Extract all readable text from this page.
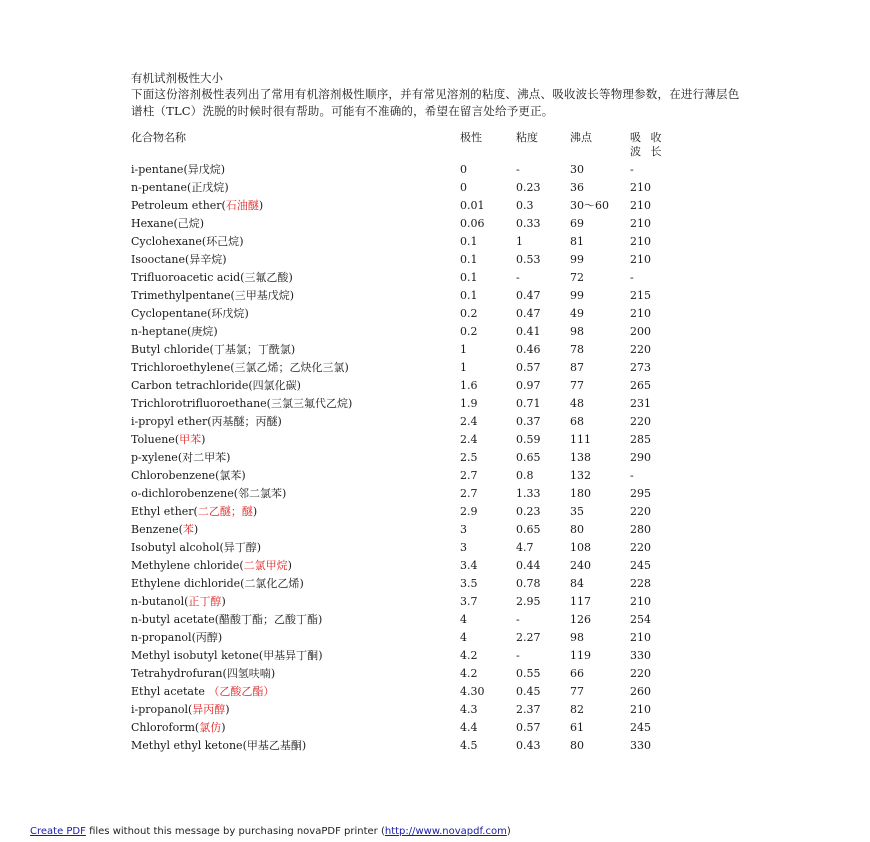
有机试剂极性大小

下面这份溶剂极性表列出了常用有机溶剂极性顺序，并有常见溶剂的粘度、沸点、吸收波长等物理参数，在进行薄层色谱柱（TLC）洗脱的时候时很有帮助。可能有不准确的，希望在留言处给予更正。

化合物名称	极性	粘度	沸点	吸 收 波 长
i-pentane(异戊烷)	0	-	30	-
n-pentane(正戊烷)	0	0.23	36	210
Petroleum ether(石油醚)	0.01	0.3	30～60	210
Hexane(己烷)	0.06	0.33	69	210
Cyclohexane(环己烷)	0.1	1	81	210
Isooctane(异辛烷)	0.1	0.53	99	210
Trifluoroacetic acid(三氟乙酸)	0.1	-	72	-
Trimethylpentane(三甲基戊烷)	0.1	0.47	99	215
Cyclopentane(环戊烷)	0.2	0.47	49	210
n-heptane(庚烷)	0.2	0.41	98	200
Butyl chloride(丁基氯；丁酰氯)	1	0.46	78	220
Trichloroethylene(三氯乙烯；乙炔化三氯)	1	0.57	87	273
Carbon tetrachloride(四氯化碳)	1.6	0.97	77	265
Trichlorotrifluoroethane(三氯三氟代乙烷)	1.9	0.71	48	231
i-propyl ether(丙基醚；丙醚)	2.4	0.37	68	220
Toluene(甲苯)	2.4	0.59	111	285
p-xylene(对二甲苯)	2.5	0.65	138	290
Chlorobenzene(氯苯)	2.7	0.8	132	-
o-dichlorobenzene(邻二氯苯)	2.7	1.33	180	295
Ethyl ether(二乙醚；醚)	2.9	0.23	35	220
Benzene(苯)	3	0.65	80	280
Isobutyl alcohol(异丁醇)	3	4.7	108	220
Methylene chloride(二氯甲烷)	3.4	0.44	240	245
Ethylene dichloride(二氯化乙烯)	3.5	0.78	84	228
n-butanol(正丁醇)	3.7	2.95	117	210
n-butyl acetate(醋酸丁酯；乙酸丁酯)	4	-	126	254
n-propanol(丙醇)	4	2.27	98	210
Methyl isobutyl ketone(甲基异丁酮)	4.2	-	119	330
Tetrahydrofuran(四氢呋喃)	4.2	0.55	66	220
Ethyl acetate （乙酸乙酯）	4.30	0.45	77	260
i-propanol(异丙醇)	4.3	2.37	82	210
Chloroform(氯仿)	4.4	0.57	61	245
Methyl ethyl ketone(甲基乙基酮)	4.5	0.43	80	330
Create PDF files without this message by purchasing novaPDF printer (http://www.novapdf.com)
